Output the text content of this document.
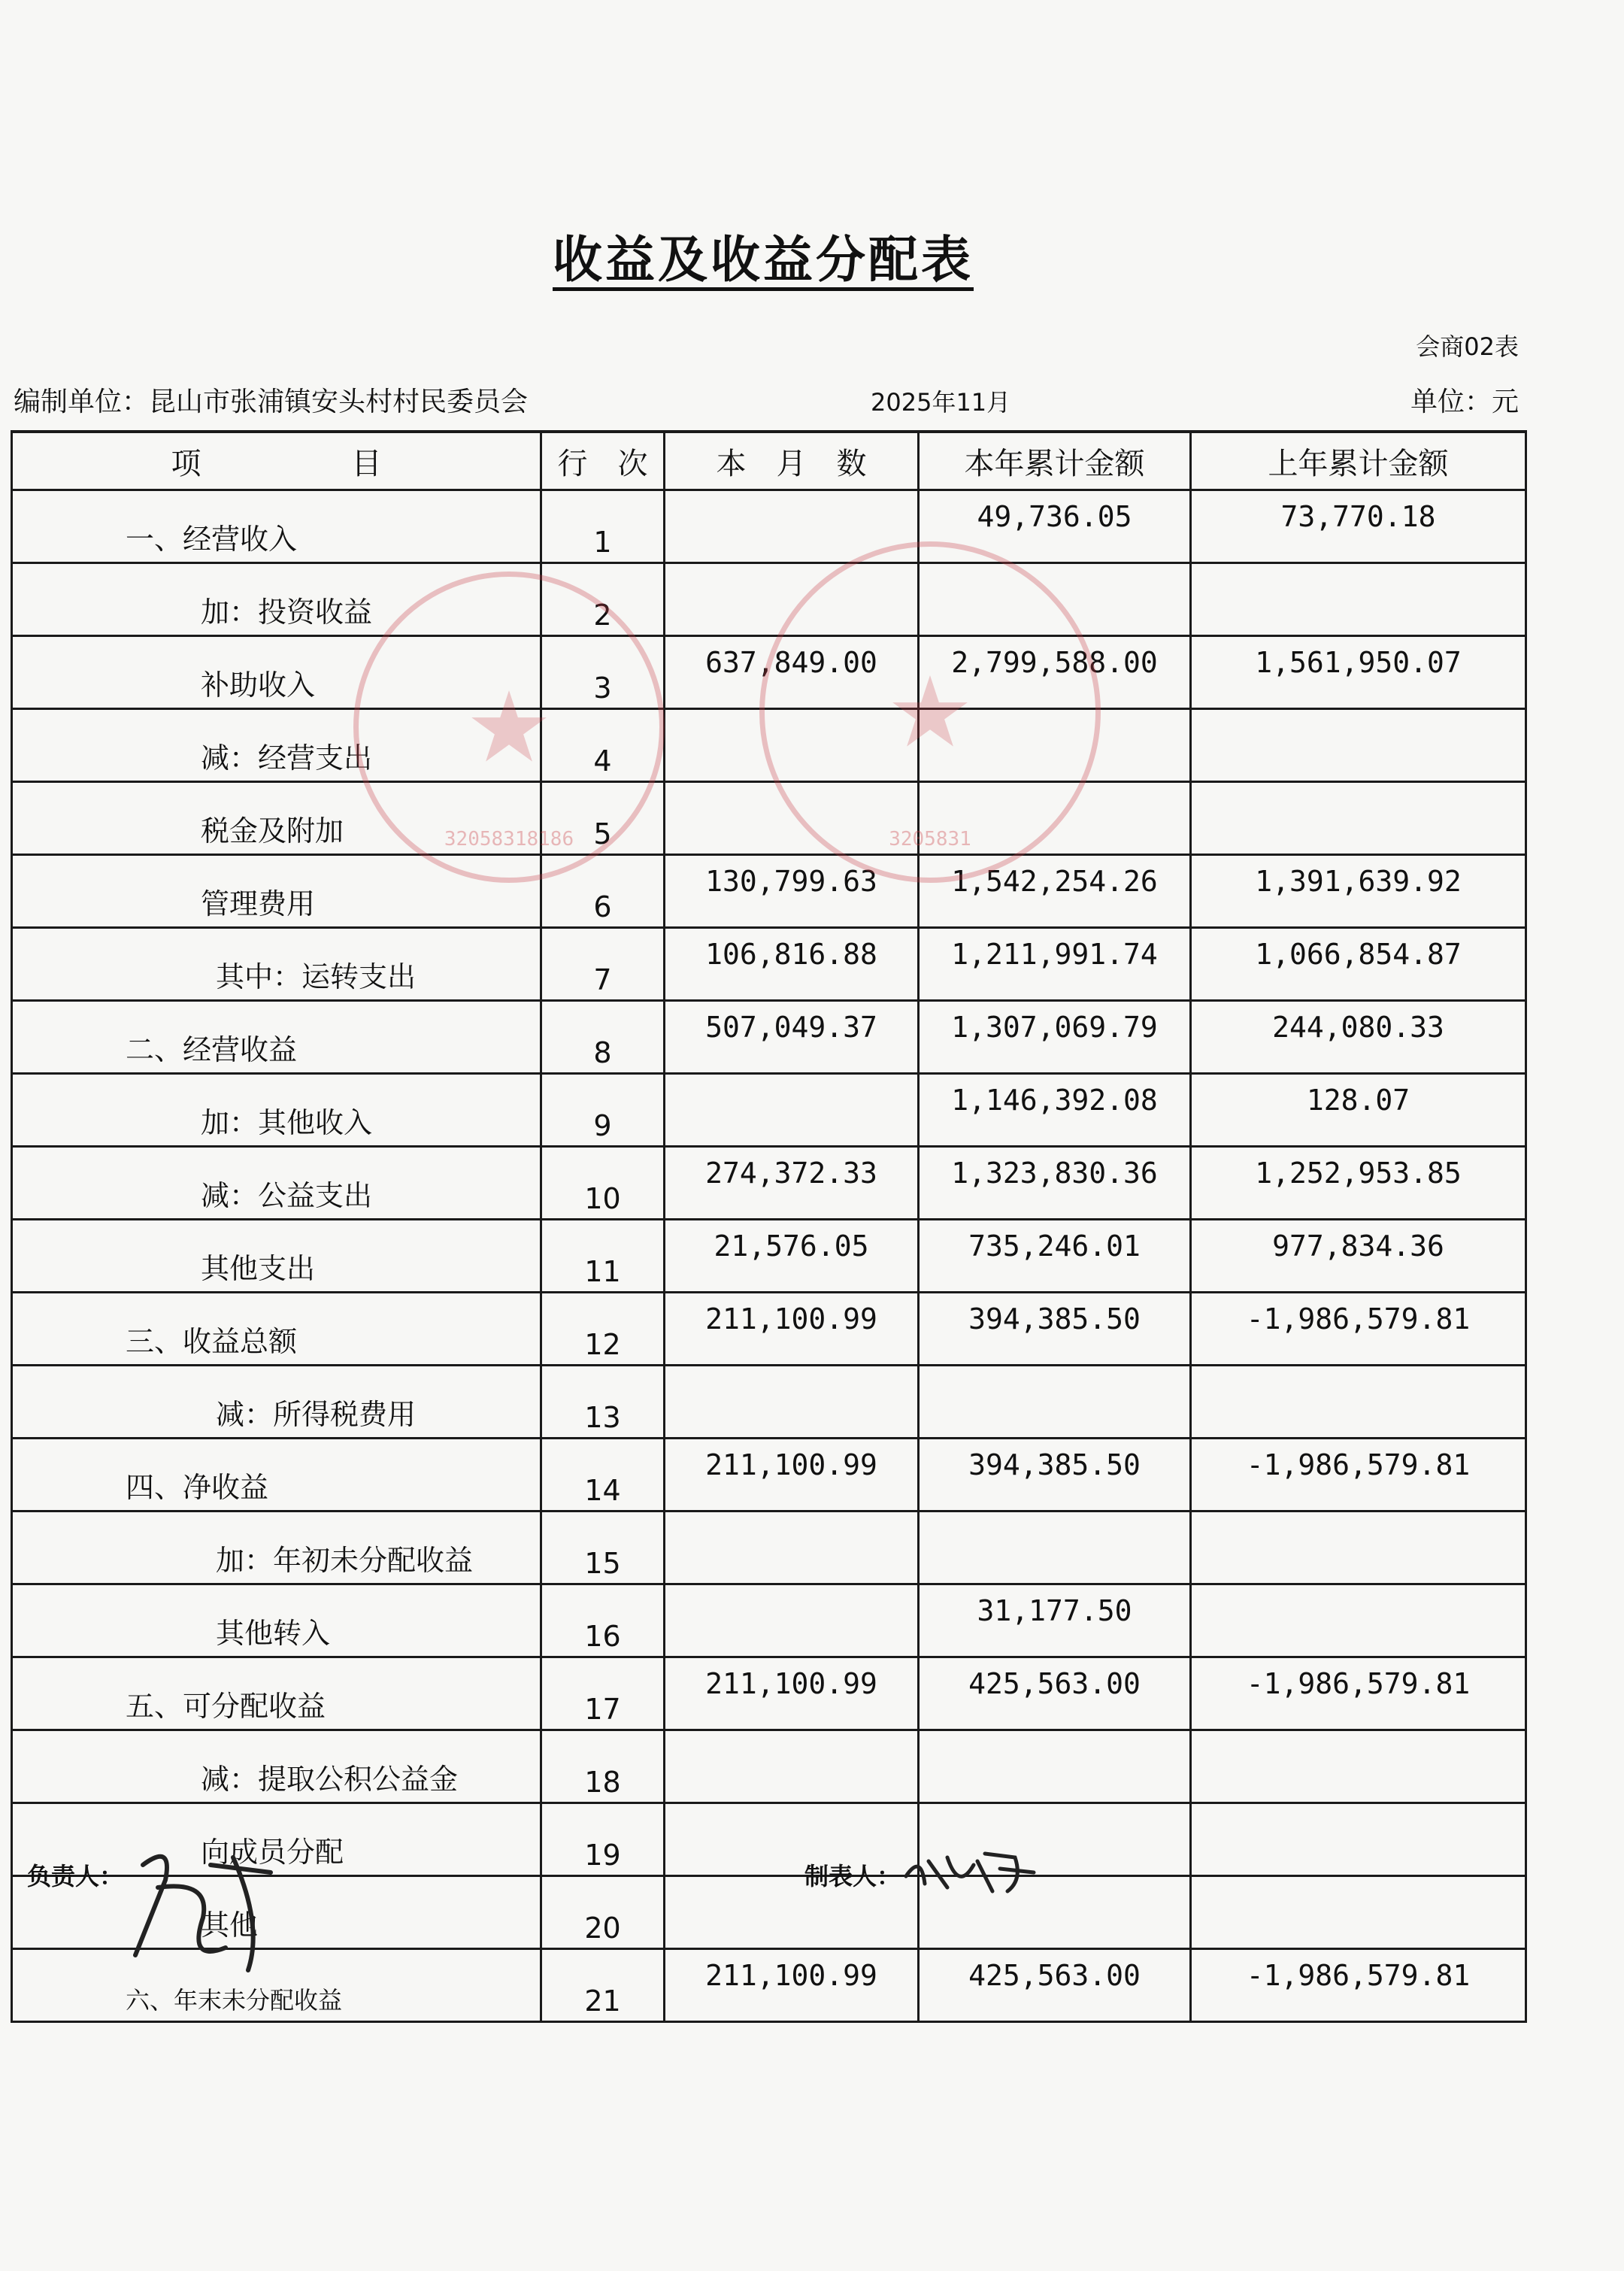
收益及收益分配表
会商02表
编制单位：昆山市张浦镇安头村村民委员会	2025年11月	单位：元
项　　　　　目	行　次	本　月　数	本年累计金额	上年累计金额
一、经营收入	1		49,736.05	73,770.18
加：投资收益	2			
补助收入	3	637,849.00	2,799,588.00	1,561,950.07
减：经营支出	4			
税金及附加	5			
管理费用	6	130,799.63	1,542,254.26	1,391,639.92
其中：运转支出	7	106,816.88	1,211,991.74	1,066,854.87
二、经营收益	8	507,049.37	1,307,069.79	244,080.33
加：其他收入	9		1,146,392.08	128.07
减：公益支出	10	274,372.33	1,323,830.36	1,252,953.85
其他支出	11	21,576.05	735,246.01	977,834.36
三、收益总额	12	211,100.99	394,385.50	-1,986,579.81
减：所得税费用	13			
四、净收益	14	211,100.99	394,385.50	-1,986,579.81
加：年初未分配收益	15			
其他转入	16		31,177.50	
五、可分配收益	17	211,100.99	425,563.00	-1,986,579.81
减：提取公积公益金	18			
向成员分配	19			
其他	20			
六、年末未分配收益	21	211,100.99	425,563.00	-1,986,579.81
★
32058318186
★
3205831
负责人：	制表人：
